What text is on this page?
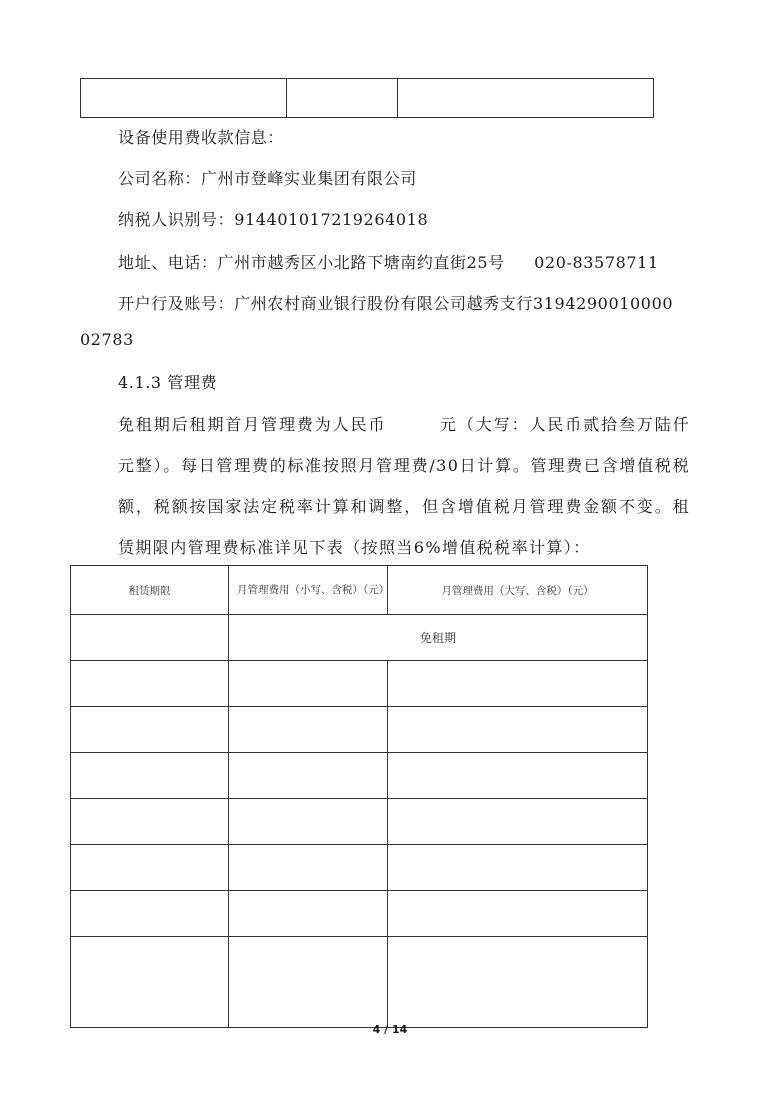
设备使用费收款信息：
公司名称：广州市登峰实业集团有限公司
纳税人识别号：914401017219264018
地址、电话：广州市越秀区小北路下塘南约直街25号 020-83578711
开户行及账号：广州农村商业银行股份有限公司越秀支行3194290010000
02783
4.1.3 管理费
免租期后租期首月管理费为人民币　　　元（大写：人民币贰拾叁万陆仟元整）。每日管理费的标准按照月管理费/30日计算。管理费已含增值税税额，税额按国家法定税率计算和调整，但含增值税月管理费金额不变。租赁期限内管理费标准详见下表（按照当6%增值税税率计算）：
租赁期限	月管理费用（小写、含税）（元）	月管理费用（大写、含税）（元）
	免租期	

4 / 14
